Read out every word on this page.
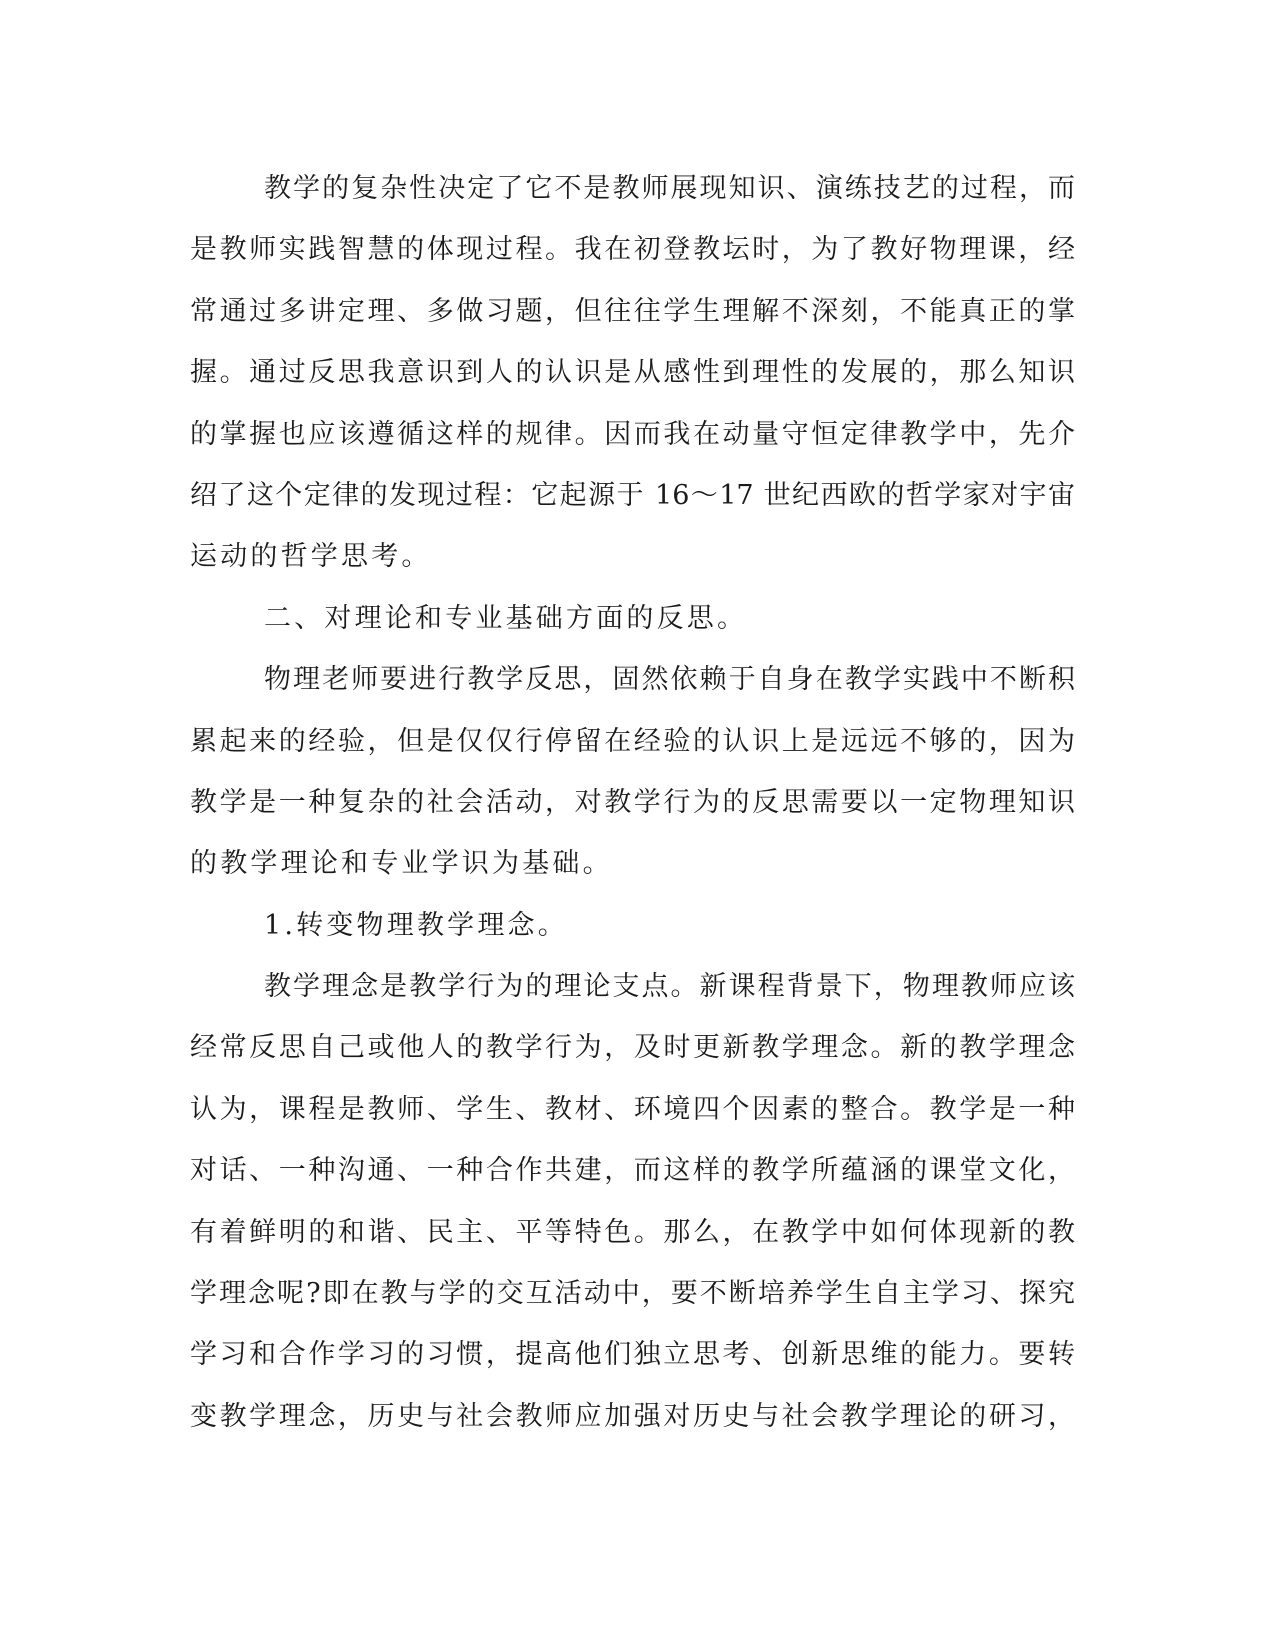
教学的复杂性决定了它不是教师展现知识、演练技艺的过程，而
是教师实践智慧的体现过程。我在初登教坛时，为了教好物理课，经
常通过多讲定理、多做习题，但往往学生理解不深刻，不能真正的掌
握。通过反思我意识到人的认识是从感性到理性的发展的，那么知识
的掌握也应该遵循这样的规律。因而我在动量守恒定律教学中，先介
绍了这个定律的发现过程：它起源于 16～17 世纪西欧的哲学家对宇宙
运动的哲学思考。
二、对理论和专业基础方面的反思。
物理老师要进行教学反思，固然依赖于自身在教学实践中不断积
累起来的经验，但是仅仅行停留在经验的认识上是远远不够的，因为
教学是一种复杂的社会活动，对教学行为的反思需要以一定物理知识
的教学理论和专业学识为基础。
1.转变物理教学理念。
教学理念是教学行为的理论支点。新课程背景下，物理教师应该
经常反思自己或他人的教学行为，及时更新教学理念。新的教学理念
认为，课程是教师、学生、教材、环境四个因素的整合。教学是一种
对话、一种沟通、一种合作共建，而这样的教学所蕴涵的课堂文化，
有着鲜明的和谐、民主、平等特色。那么，在教学中如何体现新的教
学理念呢?即在教与学的交互活动中，要不断培养学生自主学习、探究
学习和合作学习的习惯，提高他们独立思考、创新思维的能力。要转
变教学理念，历史与社会教师应加强对历史与社会教学理论的研习，
